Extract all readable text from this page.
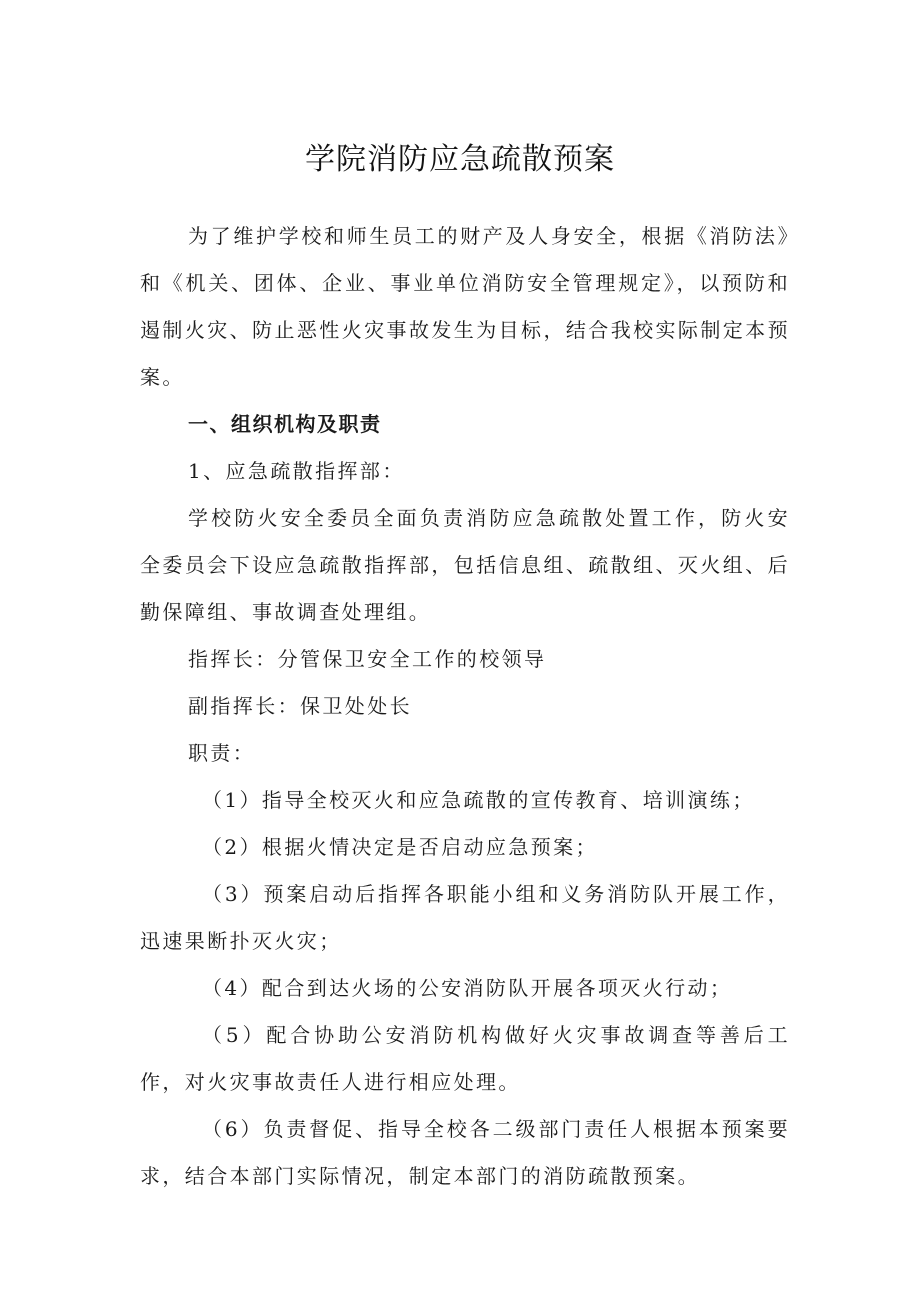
学院消防应急疏散预案

为了维护学校和师生员工的财产及人身安全，根据《消防法》和《机关、团体、企业、事业单位消防安全管理规定》，以预防和遏制火灾、防止恶性火灾事故发生为目标，结合我校实际制定本预案。

一、组织机构及职责

1、应急疏散指挥部：

学校防火安全委员全面负责消防应急疏散处置工作，防火安全委员会下设应急疏散指挥部，包括信息组、疏散组、灭火组、后勤保障组、事故调查处理组。

指挥长：分管保卫安全工作的校领导

副指挥长：保卫处处长

职责：

（1）指导全校灭火和应急疏散的宣传教育、培训演练；

（2）根据火情决定是否启动应急预案；

（3）预案启动后指挥各职能小组和义务消防队开展工作，迅速果断扑灭火灾；

（4）配合到达火场的公安消防队开展各项灭火行动；

（5）配合协助公安消防机构做好火灾事故调查等善后工作，对火灾事故责任人进行相应处理。

（6）负责督促、指导全校各二级部门责任人根据本预案要求，结合本部门实际情况，制定本部门的消防疏散预案。
